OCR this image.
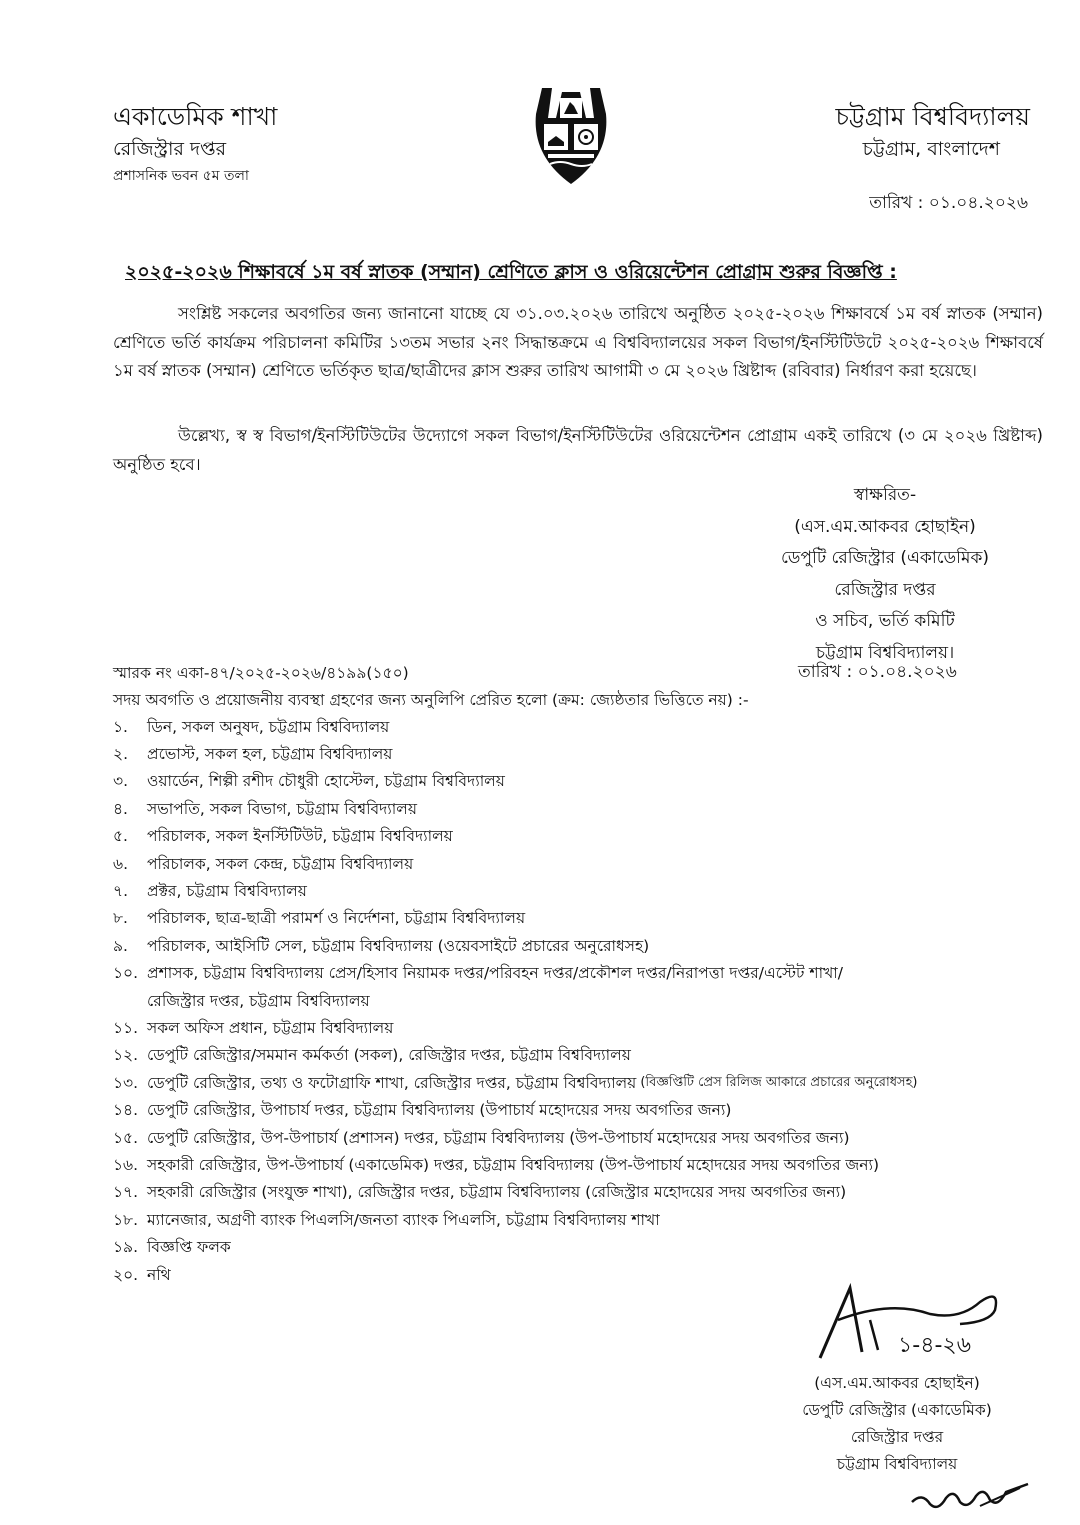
একাডেমিক শাখা
রেজিস্ট্রার দপ্তর
প্রশাসনিক ভবন ৫ম তলা
চট্টগ্রাম বিশ্ববিদ্যালয়
চট্টগ্রাম, বাংলাদেশ
তারিখ : ০১.০৪.২০২৬
২০২৫-২০২৬ শিক্ষাবর্ষে ১ম বর্ষ স্নাতক (সম্মান) শ্রেণিতে ক্লাস ও ওরিয়েন্টেশন প্রোগ্রাম শুরুর বিজ্ঞপ্তি :
সংশ্লিষ্ট সকলের অবগতির জন্য জানানো যাচ্ছে যে ৩১.০৩.২০২৬ তারিখে অনুষ্ঠিত ২০২৫-২০২৬ শিক্ষাবর্ষে ১ম বর্ষ স্নাতক (সম্মান) শ্রেণিতে ভর্তি কার্যক্রম পরিচালনা কমিটির ১৩তম সভার ২নং সিদ্ধান্তক্রমে এ বিশ্ববিদ্যালয়ের সকল বিভাগ/ইনস্টিটিউটে ২০২৫-২০২৬ শিক্ষাবর্ষে ১ম বর্ষ স্নাতক (সম্মান) শ্রেণিতে ভর্তিকৃত ছাত্র/ছাত্রীদের ক্লাস শুরুর তারিখ আগামী ৩ মে ২০২৬ খ্রিষ্টাব্দ (রবিবার) নির্ধারণ করা হয়েছে।
উল্লেখ্য, স্ব স্ব বিভাগ/ইনস্টিটিউটের উদ্যোগে সকল বিভাগ/ইনস্টিটিউটের ওরিয়েন্টেশন প্রোগ্রাম একই তারিখে (৩ মে ২০২৬ খ্রিষ্টাব্দ) অনুষ্ঠিত হবে।
স্বাক্ষরিত-
(এস.এম.আকবর হোছাইন)
ডেপুটি রেজিস্ট্রার (একাডেমিক)
রেজিস্ট্রার দপ্তর
ও সচিব, ভর্তি কমিটি
চট্টগ্রাম বিশ্ববিদ্যালয়।
স্মারক নং একা-৪৭/২০২৫-২০২৬/৪১৯৯(১৫০)	তারিখ : ০১.০৪.২০২৬
সদয় অবগতি ও প্রয়োজনীয় ব্যবস্থা গ্রহণের জন্য অনুলিপি প্রেরিত হলো (ক্রম: জ্যেষ্ঠতার ভিত্তিতে নয়) :-
১.	ডিন, সকল অনুষদ, চট্টগ্রাম বিশ্ববিদ্যালয়
২.	প্রভোস্ট, সকল হল, চট্টগ্রাম বিশ্ববিদ্যালয়
৩.	ওয়ার্ডেন, শিল্পী রশীদ চৌধুরী হোস্টেল, চট্টগ্রাম বিশ্ববিদ্যালয়
৪.	সভাপতি, সকল বিভাগ, চট্টগ্রাম বিশ্ববিদ্যালয়
৫.	পরিচালক, সকল ইনস্টিটিউট, চট্টগ্রাম বিশ্ববিদ্যালয়
৬.	পরিচালক, সকল কেন্দ্র, চট্টগ্রাম বিশ্ববিদ্যালয়
৭.	প্রক্টর, চট্টগ্রাম বিশ্ববিদ্যালয়
৮.	পরিচালক, ছাত্র-ছাত্রী পরামর্শ ও নির্দেশনা, চট্টগ্রাম বিশ্ববিদ্যালয়
৯.	পরিচালক, আইসিটি সেল, চট্টগ্রাম বিশ্ববিদ্যালয় (ওয়েবসাইটে প্রচারের অনুরোধসহ)
১০. প্রশাসক, চট্টগ্রাম বিশ্ববিদ্যালয় প্রেস/হিসাব নিয়ামক দপ্তর/পরিবহন দপ্তর/প্রকৌশল দপ্তর/নিরাপত্তা দপ্তর/এস্টেট শাখা/
রেজিস্ট্রার দপ্তর, চট্টগ্রাম বিশ্ববিদ্যালয়
১১. সকল অফিস প্রধান, চট্টগ্রাম বিশ্ববিদ্যালয়
১২. ডেপুটি রেজিস্ট্রার/সমমান কর্মকর্তা (সকল), রেজিস্ট্রার দপ্তর, চট্টগ্রাম বিশ্ববিদ্যালয়
১৩. ডেপুটি রেজিস্ট্রার, তথ্য ও ফটোগ্রাফি শাখা, রেজিস্ট্রার দপ্তর, চট্টগ্রাম বিশ্ববিদ্যালয় (বিজ্ঞপ্তিটি প্রেস রিলিজ আকারে প্রচারের অনুরোধসহ)
১৪. ডেপুটি রেজিস্ট্রার, উপাচার্য দপ্তর, চট্টগ্রাম বিশ্ববিদ্যালয় (উপাচার্য মহোদয়ের সদয় অবগতির জন্য)
১৫. ডেপুটি রেজিস্ট্রার, উপ-উপাচার্য (প্রশাসন) দপ্তর, চট্টগ্রাম বিশ্ববিদ্যালয় (উপ-উপাচার্য মহোদয়ের সদয় অবগতির জন্য)
১৬. সহকারী রেজিস্ট্রার, উপ-উপাচার্য (একাডেমিক) দপ্তর, চট্টগ্রাম বিশ্ববিদ্যালয় (উপ-উপাচার্য মহোদয়ের সদয় অবগতির জন্য)
১৭. সহকারী রেজিস্ট্রার (সংযুক্ত শাখা), রেজিস্ট্রার দপ্তর, চট্টগ্রাম বিশ্ববিদ্যালয় (রেজিস্ট্রার মহোদয়ের সদয় অবগতির জন্য)
১৮. ম্যানেজার, অগ্রণী ব্যাংক পিএলসি/জনতা ব্যাংক পিএলসি, চট্টগ্রাম বিশ্ববিদ্যালয় শাখা
১৯. বিজ্ঞপ্তি ফলক
২০. নথি
১-৪-২৬
(এস.এম.আকবর হোছাইন)
ডেপুটি রেজিস্ট্রার (একাডেমিক)
রেজিস্ট্রার দপ্তর
চট্টগ্রাম বিশ্ববিদ্যালয়
